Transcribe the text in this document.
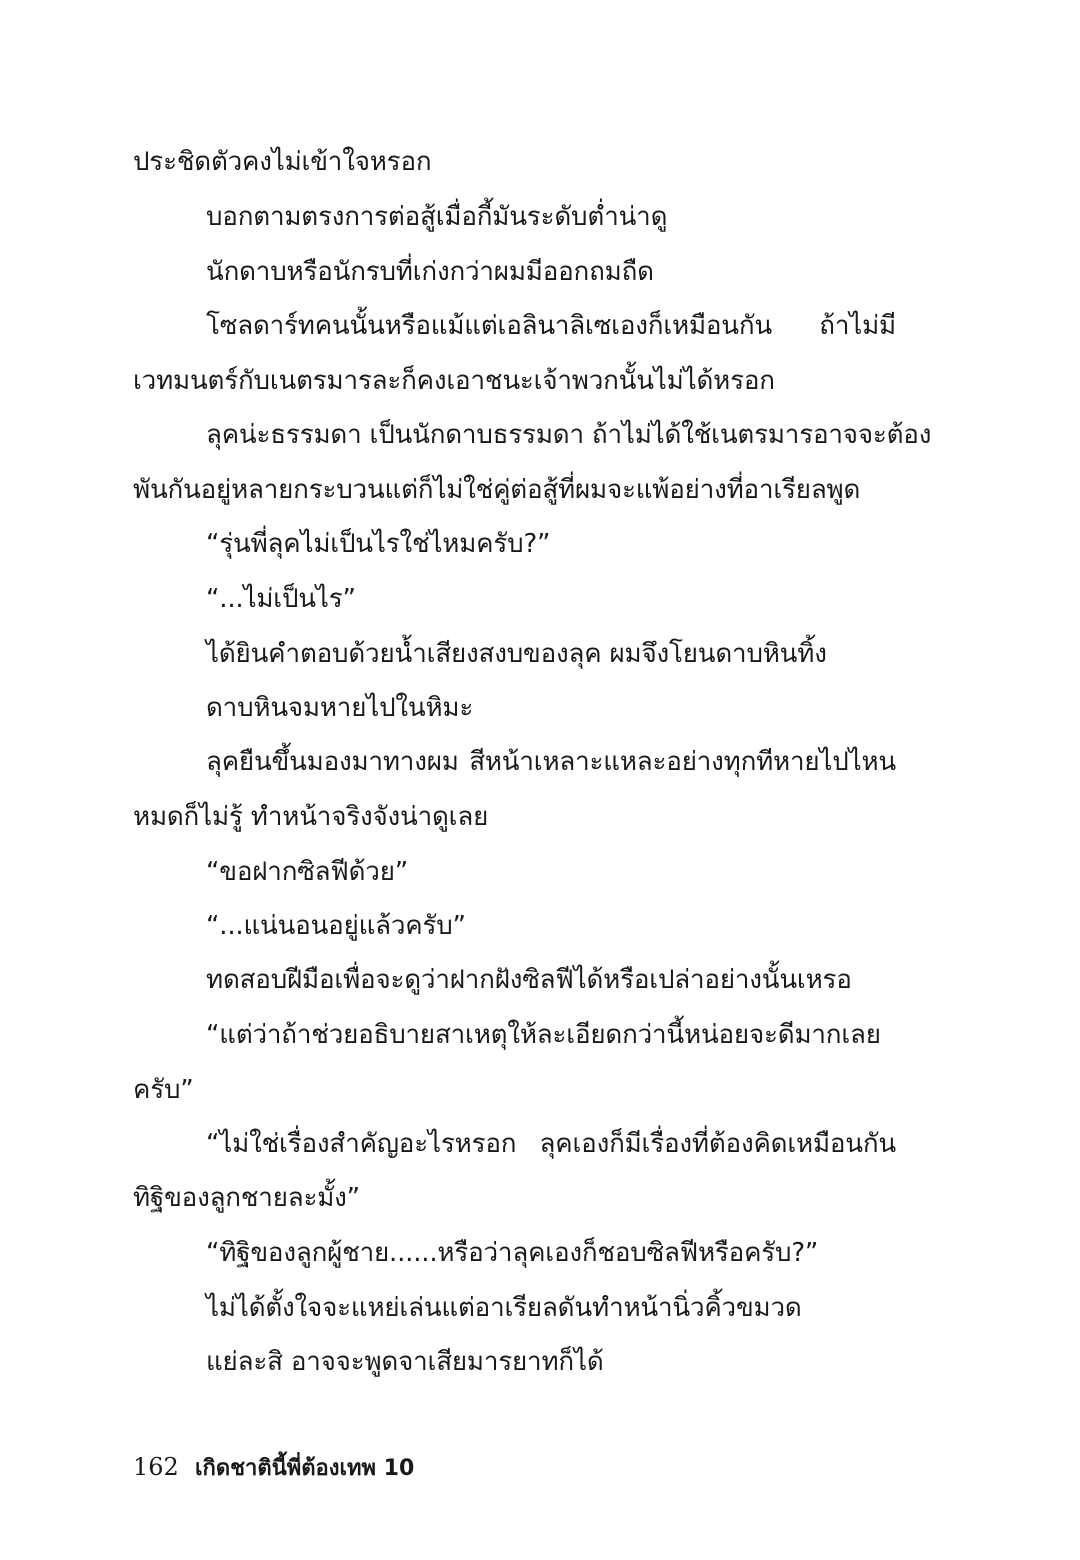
ประชิดตัวคงไม่เข้าใจหรอก
บอกตามตรงการต่อสู้เมื่อกี้มันระดับต่ำน่าดู
นักดาบหรือนักรบที่เก่งกว่าผมมีออกถมถืด
โซลดาร์ทคนนั้นหรือแม้แต่เอลินาลิเซเองก็เหมือนกัน ถ้าไม่มี
เวทมนตร์กับเนตรมารละก็คงเอาชนะเจ้าพวกนั้นไม่ได้หรอก
ลุคน่ะธรรมดา เป็นนักดาบธรรมดา ถ้าไม่ได้ใช้เนตรมารอาจจะต้อง
พันกันอยู่หลายกระบวนแต่ก็ไม่ใช่คู่ต่อสู้ที่ผมจะแพ้อย่างที่อาเรียลพูด
“รุ่นพี่ลุคไม่เป็นไรใช่ไหมครับ?”
“...ไม่เป็นไร”
ได้ยินคำตอบด้วยน้ำเสียงสงบของลุค ผมจึงโยนดาบหินทิ้ง
ดาบหินจมหายไปในหิมะ
ลุคยืนขึ้นมองมาทางผม สีหน้าเหลาะแหละอย่างทุกทีหายไปไหน
หมดก็ไม่รู้ ทำหน้าจริงจังน่าดูเลย
“ขอฝากซิลฟีด้วย”
“...แน่นอนอยู่แล้วครับ”
ทดสอบฝีมือเพื่อจะดูว่าฝากฝังซิลฟีได้หรือเปล่าอย่างนั้นเหรอ
“แต่ว่าถ้าช่วยอธิบายสาเหตุให้ละเอียดกว่านี้หน่อยจะดีมากเลย
ครับ”
“ไม่ใช่เรื่องสำคัญอะไรหรอก ลุคเองก็มีเรื่องที่ต้องคิดเหมือนกัน
ทิฐิของลูกชายละมั้ง”
“ทิฐิของลูกผู้ชาย......หรือว่าลุคเองก็ชอบซิลฟีหรือครับ?”
ไม่ได้ตั้งใจจะแหย่เล่นแต่อาเรียลดันทำหน้านิ่วคิ้วขมวด
แย่ละสิ อาจจะพูดจาเสียมารยาทก็ได้
162 เกิดชาตินี้พี่ต้องเทพ 10
